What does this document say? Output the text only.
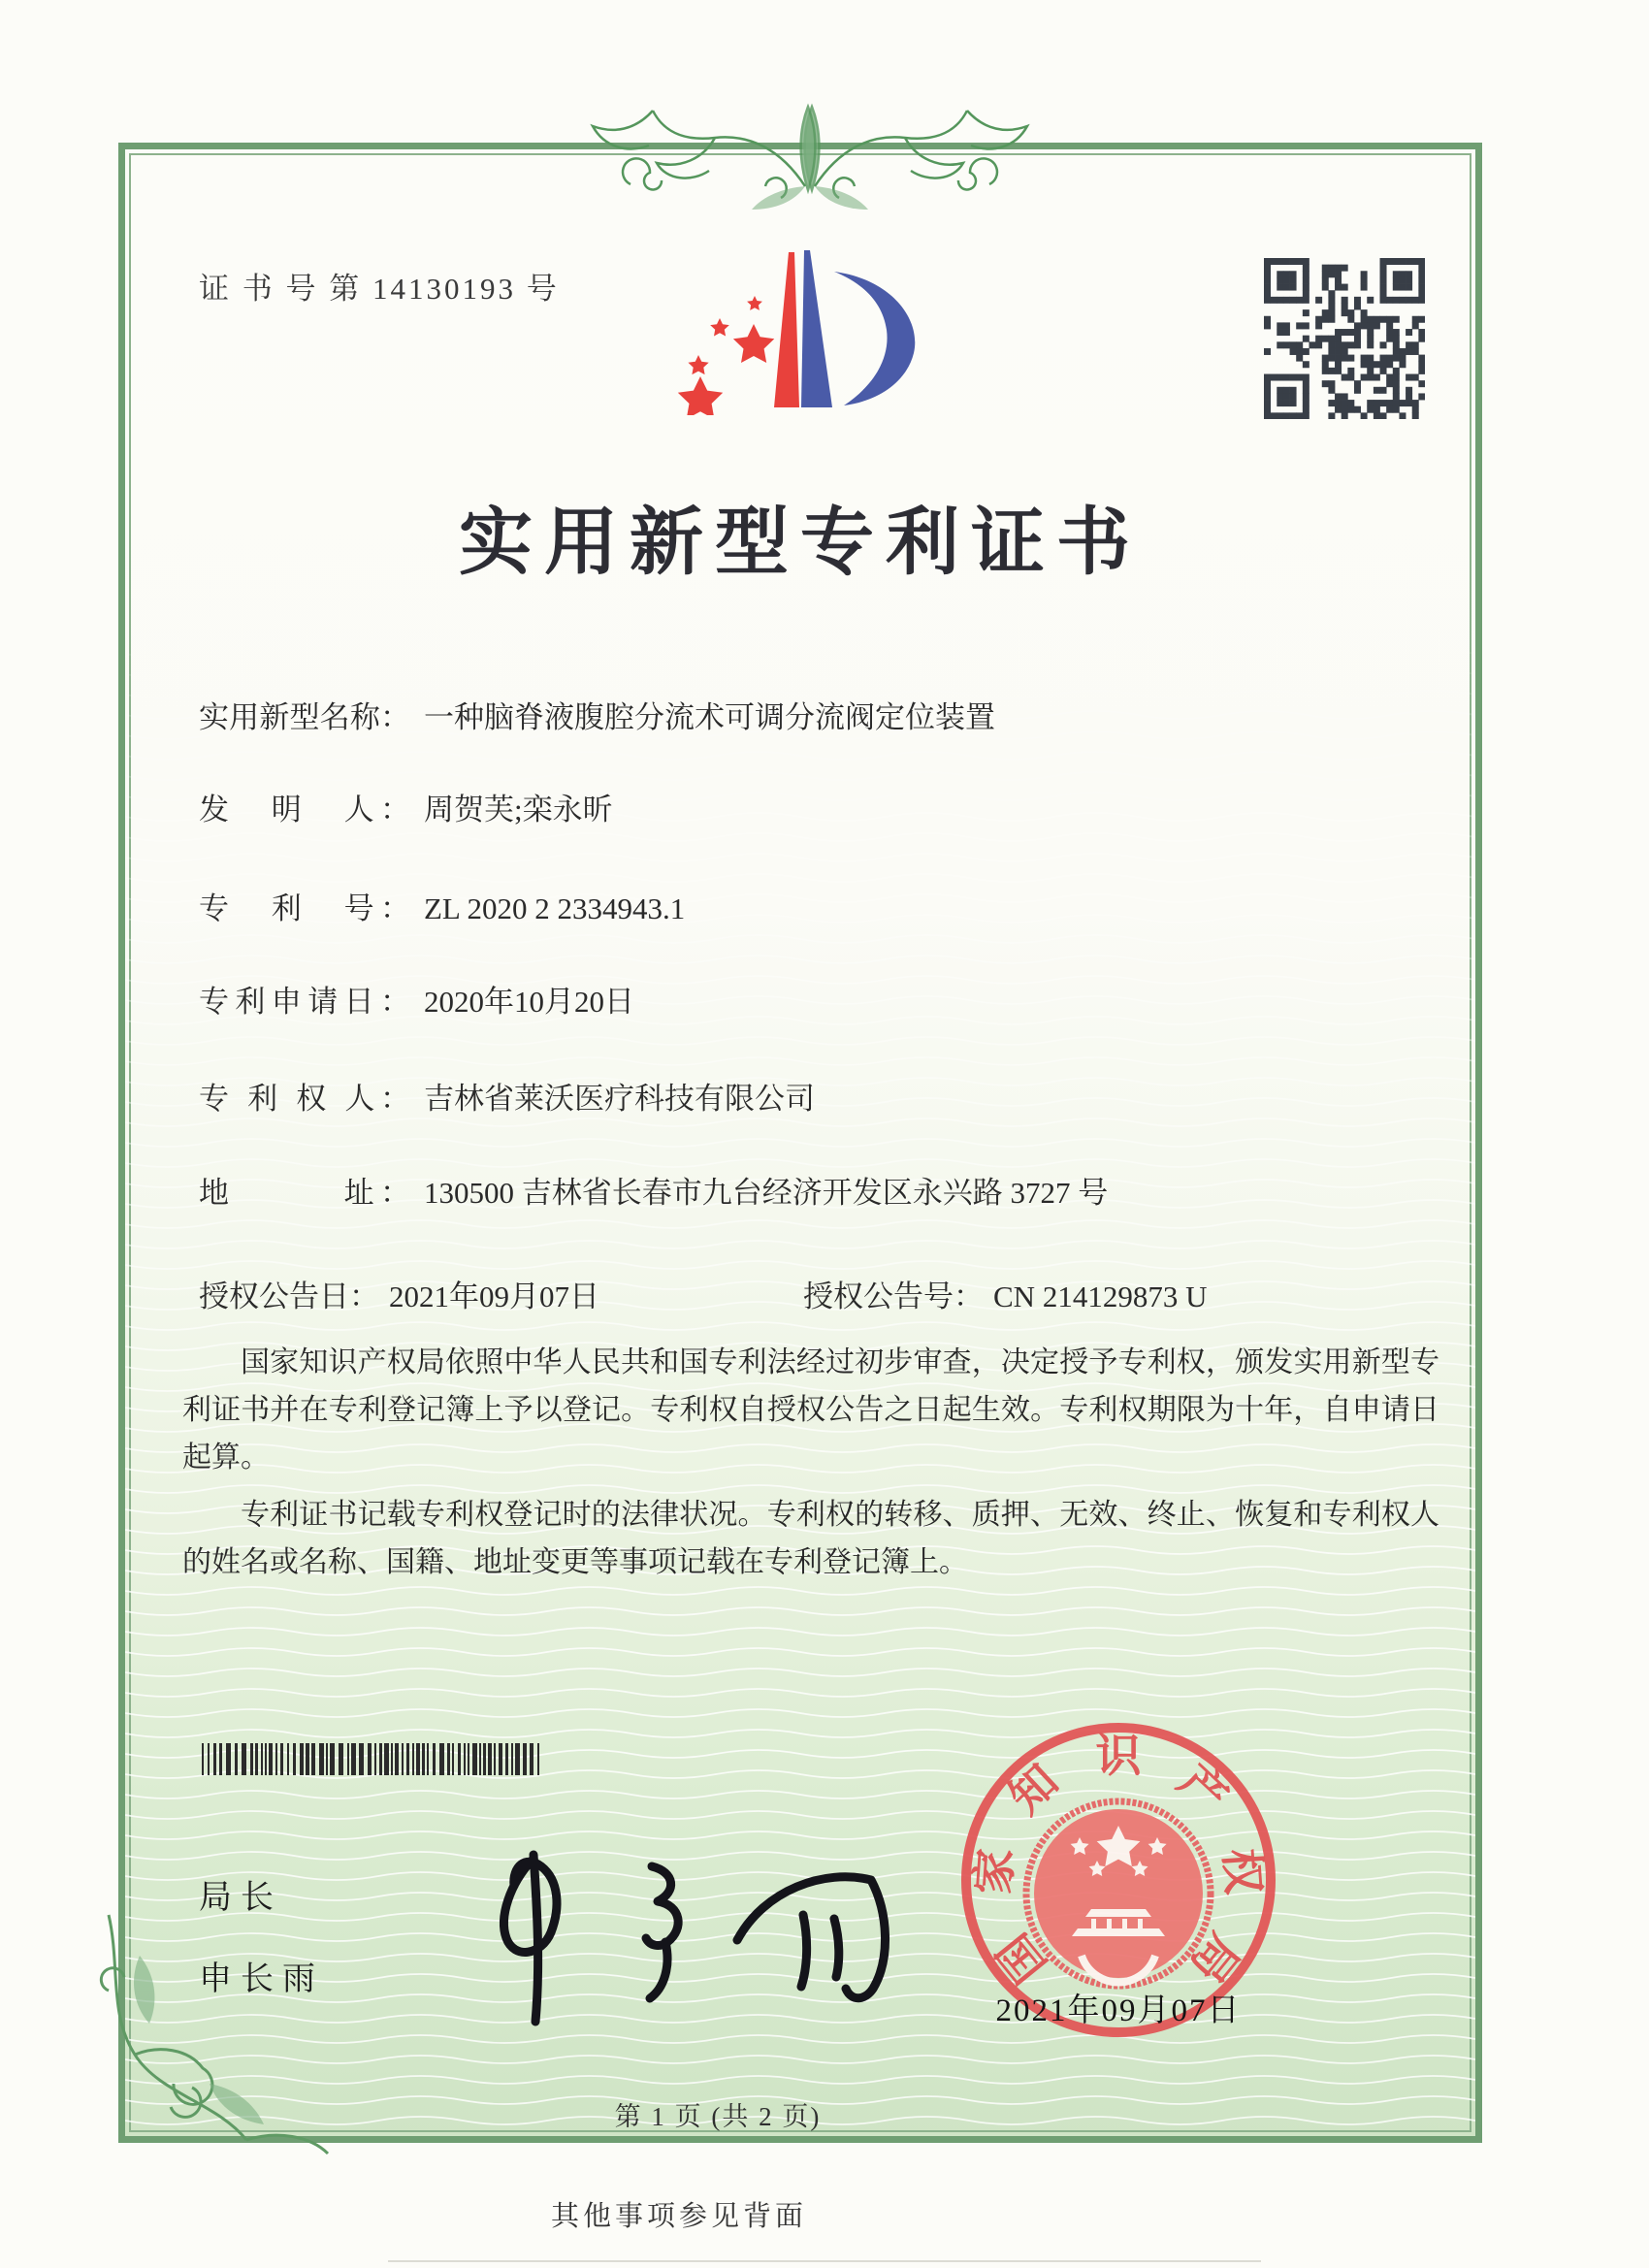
证 书 号 第 14130193 号
实用新型专利证书
实用新型名称： 一种脑脊液腹腔分流术可调分流阀定位装置
发　明　人： 周贺芙;栾永昕
专　利　号： ZL 2020 2 2334943.1
专利申请日： 2020年10月20日
专 利 权 人： 吉林省莱沃医疗科技有限公司
地　　　址： 130500 吉林省长春市九台经济开发区永兴路 3727 号
授权公告日： 2021年09月07日	授权公告号： CN 214129873 U

国家知识产权局依照中华人民共和国专利法经过初步审查，决定授予专利权，颁发实用新型专利证书并在专利登记簿上予以登记。专利权自授权公告之日起生效。专利权期限为十年，自申请日起算。

专利证书记载专利权登记时的法律状况。专利权的转移、质押、无效、终止、恢复和专利权人的姓名或名称、国籍、地址变更等事项记载在专利登记簿上。

局长
申长雨	国
家
知 识 产
权
局
2021年09月07日
第 1 页 (共 2 页)
其他事项参见背面
